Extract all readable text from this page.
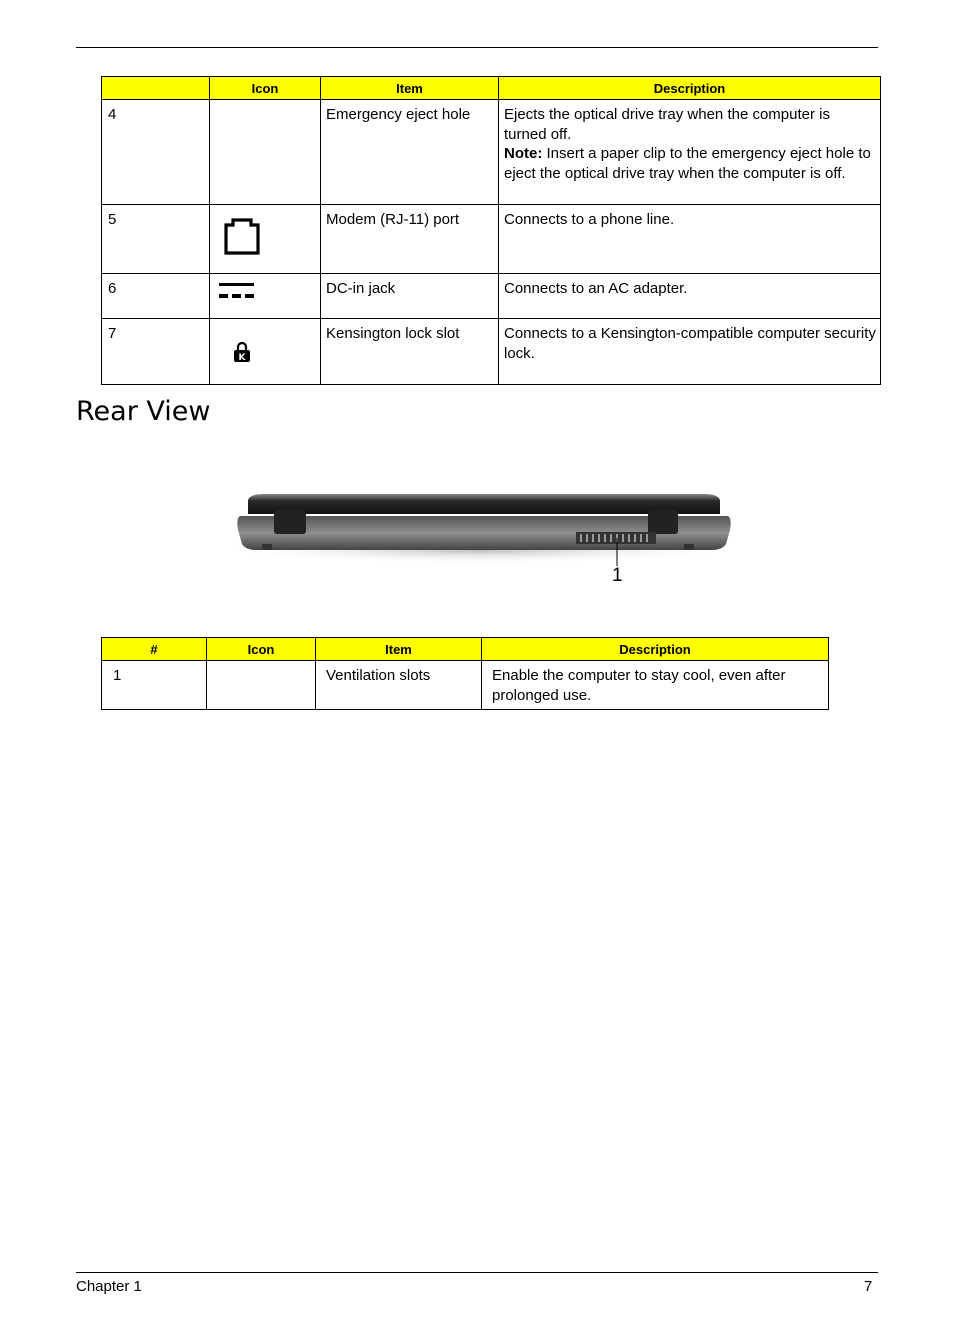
	Icon	Item	Description
4		Emergency eject hole	Ejects the optical drive tray when the computer is turned off.
Note: Insert a paper clip to the emergency eject hole to eject the optical drive tray when the computer is off.
5		Modem (RJ-11) port	Connects to a phone line.
6		DC-in jack	Connects to an AC adapter.
7	K	Kensington lock slot	Connects to a Kensington-compatible computer security lock.
Rear View
1
#	Icon	Item	Description
1		Ventilation slots	Enable the computer to stay cool, even after prolonged use.
Chapter 1	7
